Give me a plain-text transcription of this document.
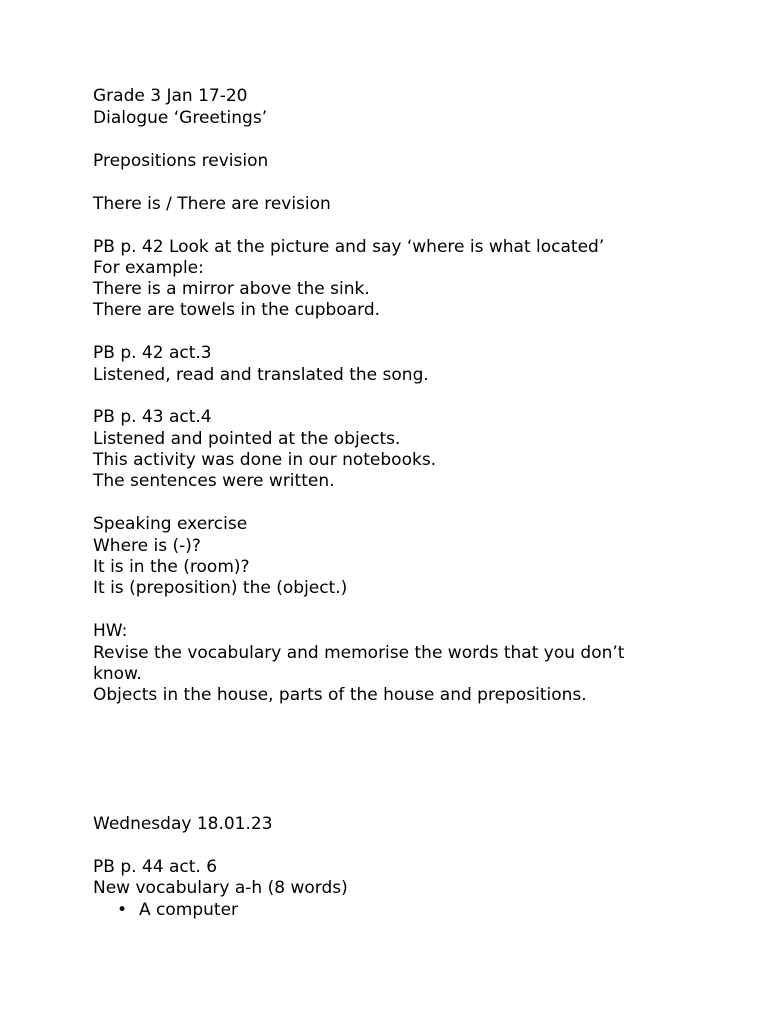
Grade 3 Jan 17-20
Dialogue ‘Greetings’
Prepositions revision
There is / There are revision
PB p. 42 Look at the picture and say ‘where is what located’
For example:
There is a mirror above the sink.
There are towels in the cupboard.
PB p. 42 act.3
Listened, read and translated the song.
PB p. 43 act.4
Listened and pointed at the objects.
This activity was done in our notebooks.
The sentences were written.
Speaking exercise
Where is (-)?
It is in the (room)?
It is (preposition) the (object.)
HW:
Revise the vocabulary and memorise the words that you don’t
know.
Objects in the house, parts of the house and prepositions.
Wednesday 18.01.23
PB p. 44 act. 6
New vocabulary a-h (8 words)
• A computer
